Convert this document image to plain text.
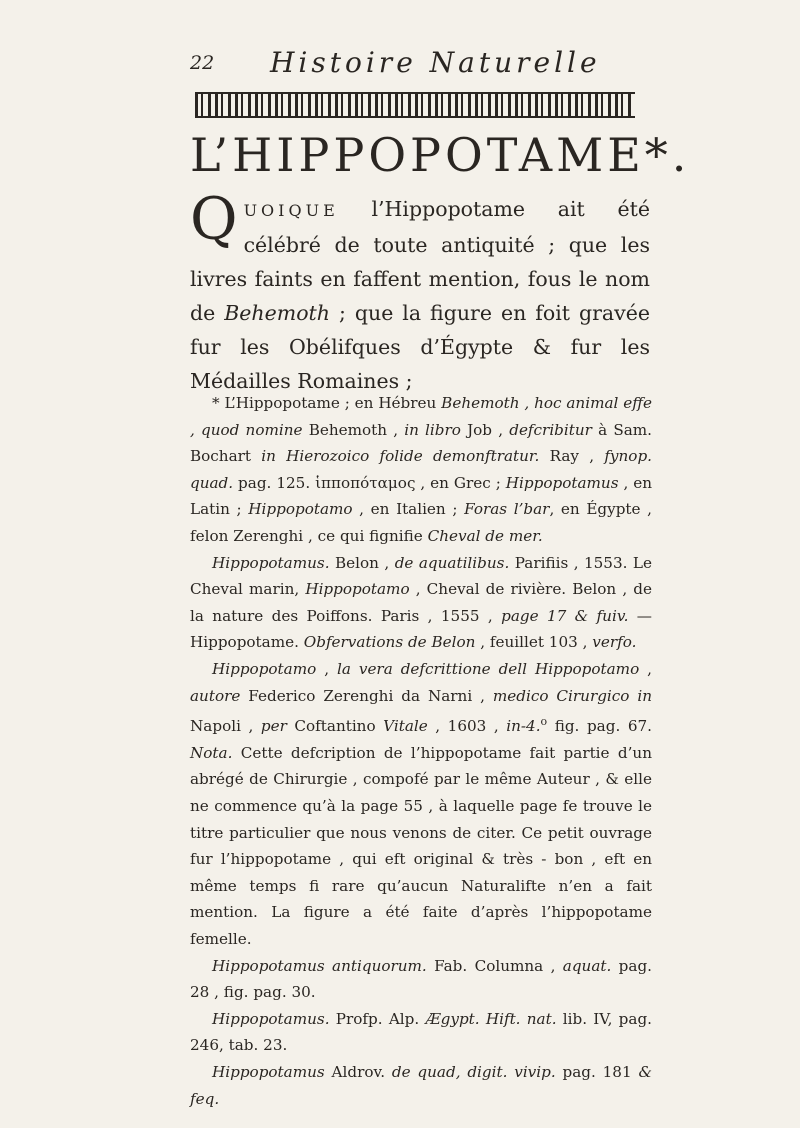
22 Histoire Naturelle
L’HIPPOPOTAME*.
QUOIQUE l’Hippopotame ait été célébré de toute antiquité ; que les livres faints en faffent mention, fous le nom de Behemoth ; que la figure en foit gravée fur les Obélifques d’Égypte & fur les Médailles Romaines ;

* L’Hippopotame ; en Hébreu Behemoth , hoc animal effe , quod nomine Behemoth , in libro Job , defcribitur à Sam. Bochart in Hierozoico folide demonftratur. Ray , fynop. quad. pag. 125. ἱπποπόταμος , en Grec ; Hippopotamus , en Latin ; Hippopotamo , en Italien ; Foras l’bar, en Égypte , felon Zerenghi , ce qui fignifie Cheval de mer.

Hippopotamus. Belon , de aquatilibus. Parifiis , 1553. Le Cheval marin, Hippopotamo , Cheval de rivière. Belon , de la nature des Poiffons. Paris , 1555 , page 17 & fuiv. — Hippopotame. Obfervations de Belon , feuillet 103 , verfo.

Hippopotamo , la vera defcrittione dell Hippopotamo , autore Federico Zerenghi da Narni , medico Cirurgico in Napoli , per Coftantino Vitale , 1603 , in-4.$^o$ fig. pag. 67. Nota. Cette defcription de l’hippopotame fait partie d’un abrégé de Chirurgie , compofé par le même Auteur , & elle ne commence qu’à la page 55 , à laquelle page fe trouve le titre particulier que nous venons de citer. Ce petit ouvrage fur l’hippopotame , qui eft original & très - bon , eft en même temps fi rare qu’aucun Naturalifte n’en a fait mention. La figure a été faite d’après l’hippopotame femelle.

Hippopotamus antiquorum. Fab. Columna , aquat. pag. 28 , fig. pag. 30.

Hippopotamus. Profp. Alp. Ægypt. Hift. nat. lib. IV, pag. 246, tab. 23.

Hippopotamus Aldrov. de quad, digit. vivip. pag. 181 & feq.
